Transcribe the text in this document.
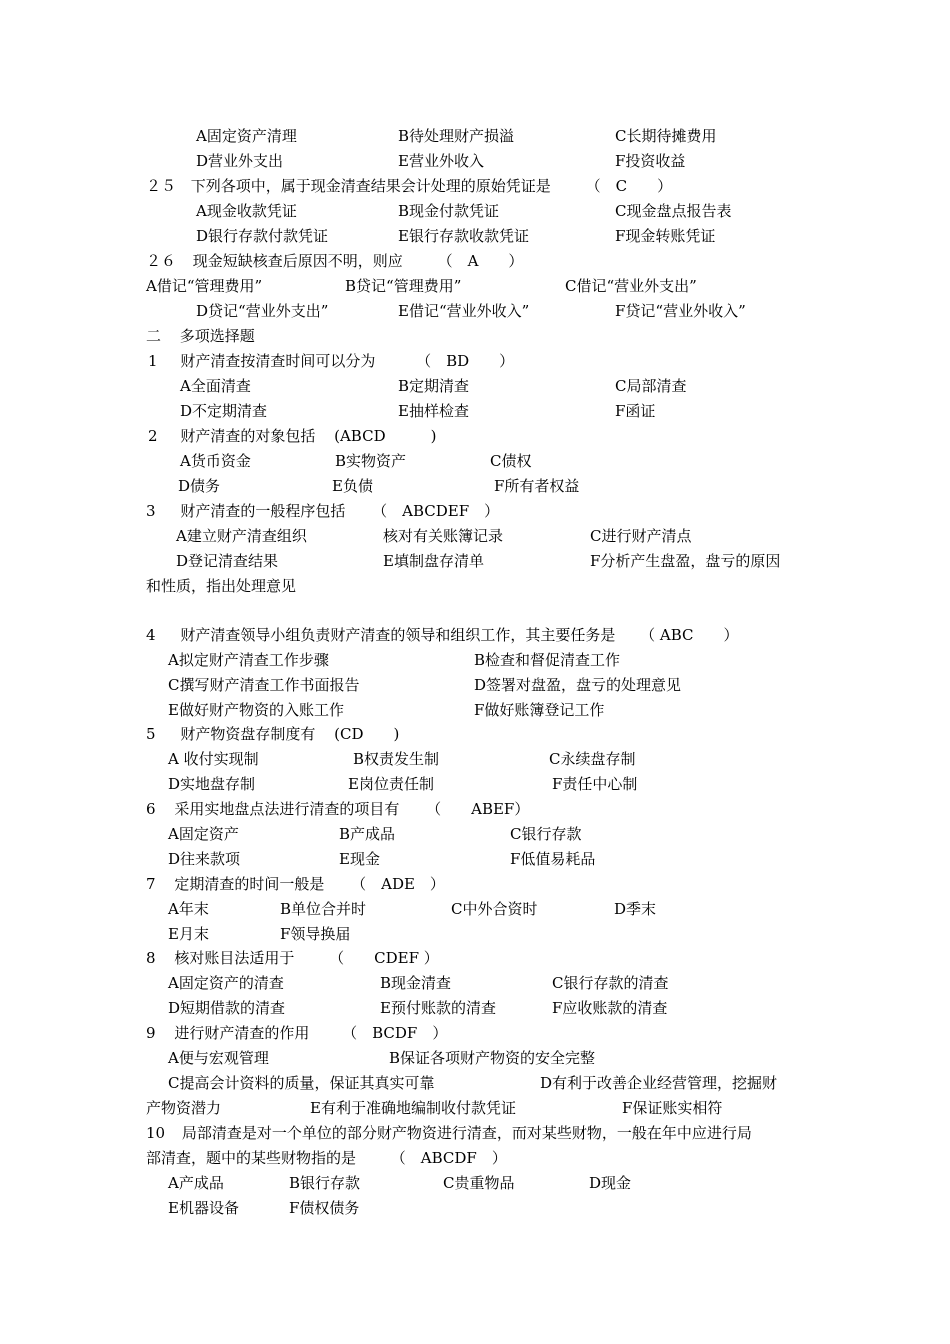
A固定资产清理	B待处理财产损溢	C长期待摊费用
D营业外支出	E营业外收入	F投资收益
２５ 下列各项中，属于现金清查结果会计处理的原始凭证是 （　C　　）
A现金收款凭证	B现金付款凭证	C现金盘点报告表
D银行存款付款凭证	E银行存款收款凭证	F现金转账凭证
２６ 现金短缺核查后原因不明，则应 （　A　　）
A借记“管理费用”	B贷记“管理费用”	C借记“营业外支出”
D贷记“营业外支出”	E借记“营业外收入”	F贷记“营业外收入”
二 多项选择题
1 财产清查按清查时间可以分为	（　BD　　）
A全面清查	B定期清查	C局部清查
D不定期清查	E抽样检查	F函证
2 财产清查的对象包括 (ABCD　　　)
A货币资金	B实物资产	C债权
D债务	E负债	F所有者权益
3 财产清查的一般程序包括 （　ABCDEF　）
A建立财产清查组织	核对有关账簿记录	C进行财产清点
D登记清查结果	E填制盘存清单	F分析产生盘盈，盘亏的原因
和性质，指出处理意见
4 财产清查领导小组负责财产清查的领导和组织工作，其主要任务是 （ ABC　　）
A拟定财产清查工作步骤	B检查和督促清查工作
C撰写财产清查工作书面报告	D签署对盘盈，盘亏的处理意见
E做好财产物资的入账工作	F做好账簿登记工作
5 财产物资盘存制度有 (CD　　)
A 收付实现制	B权责发生制	C永续盘存制
D实地盘存制	E岗位责任制	F责任中心制
6 采用实地盘点法进行清查的项目有 （　　ABEF）
A固定资产	B产成品	C银行存款
D往来款项	E现金	F低值易耗品
7 定期清查的时间一般是 （　ADE　）
A年末	B单位合并时	C中外合资时	D季末
E月末	F领导换届
8 核对账目法适用于 （　　CDEF ）
A固定资产的清查	B现金清查	C银行存款的清查
D短期借款的清查	E预付账款的清查	F应收账款的清查
9 进行财产清查的作用 （　BCDF　）
A便与宏观管理	B保证各项财产物资的安全完整
C提高会计资料的质量，保证其真实可靠	D有利于改善企业经营管理，挖掘财
产物资潜力	E有利于准确地编制收付款凭证	F保证账实相符
10 局部清查是对一个单位的部分财产物资进行清查，而对某些财物，一般在年中应进行局
部清查，题中的某些财物指的是 （　ABCDF　）
A产成品	B银行存款	C贵重物品	D现金
E机器设备	F债权债务
